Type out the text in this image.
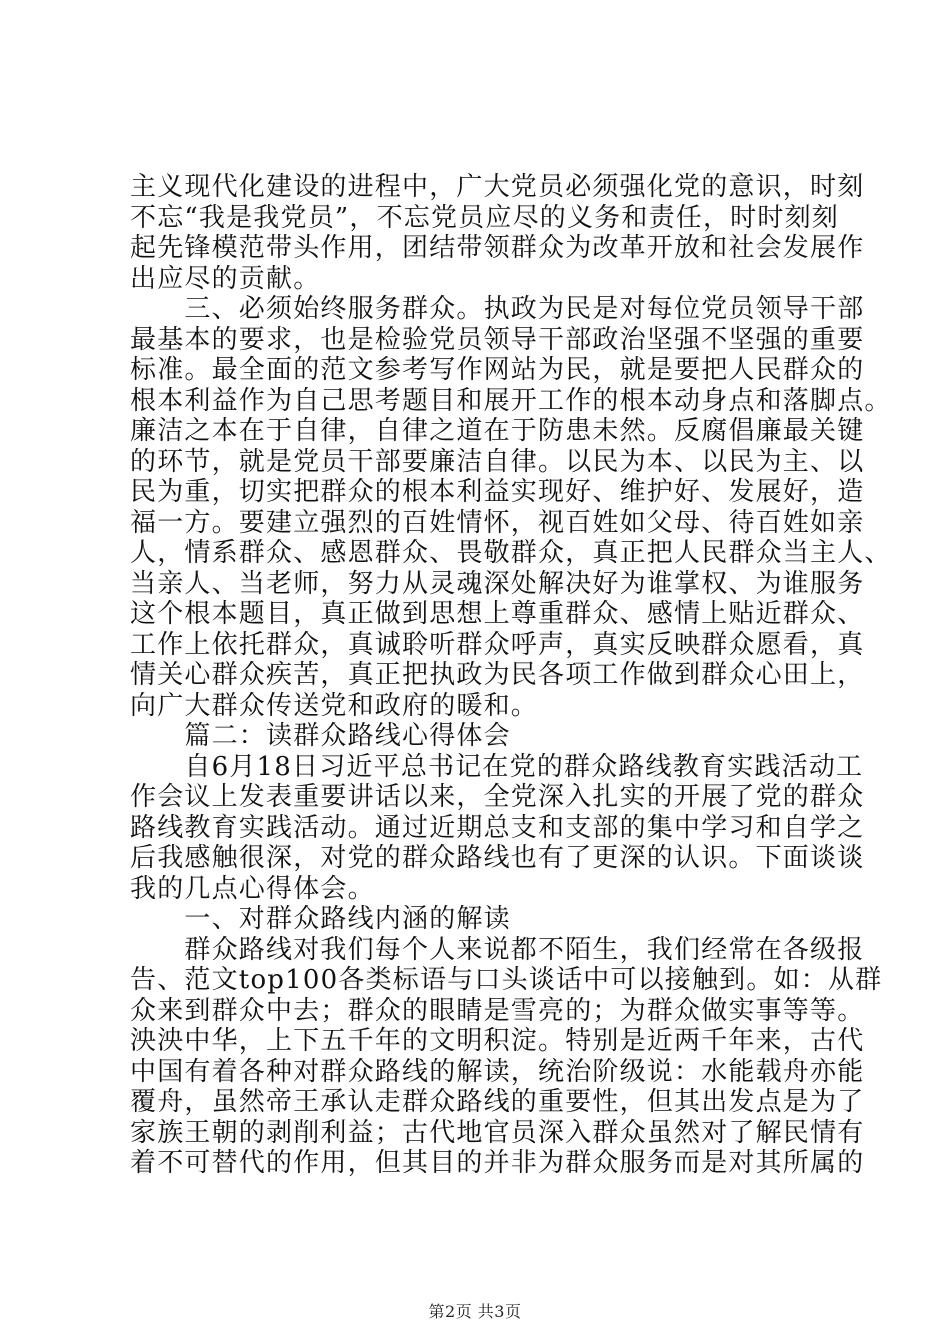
主义现代化建设的进程中，广大党员必须强化党的意识，时刻
不忘“我是我党员”，不忘党员应尽的义务和责任，时时刻刻
起先锋模范带头作用，团结带领群众为改革开放和社会发展作
出应尽的贡献。
　　三、必须始终服务群众。执政为民是对每位党员领导干部
最基本的要求，也是检验党员领导干部政治坚强不坚强的重要
标准。最全面的范文参考写作网站为民，就是要把人民群众的
根本利益作为自己思考题目和展开工作的根本动身点和落脚点。
廉洁之本在于自律，自律之道在于防患未然。反腐倡廉最关键
的环节，就是党员干部要廉洁自律。以民为本、以民为主、以
民为重，切实把群众的根本利益实现好、维护好、发展好，造
福一方。要建立强烈的百姓情怀，视百姓如父母、待百姓如亲
人，情系群众、感恩群众、畏敬群众，真正把人民群众当主人、
当亲人、当老师，努力从灵魂深处解决好为谁掌权、为谁服务
这个根本题目，真正做到思想上尊重群众、感情上贴近群众、
工作上依托群众，真诚聆听群众呼声，真实反映群众愿看，真
情关心群众疾苦，真正把执政为民各项工作做到群众心田上，
向广大群众传送党和政府的暖和。
　　篇二：读群众路线心得体会
　　自6月18日习近平总书记在党的群众路线教育实践活动工
作会议上发表重要讲话以来，全党深入扎实的开展了党的群众
路线教育实践活动。通过近期总支和支部的集中学习和自学之
后我感触很深，对党的群众路线也有了更深的认识。下面谈谈
我的几点心得体会。
　　一、对群众路线内涵的解读
　　群众路线对我们每个人来说都不陌生，我们经常在各级报
告、范文top100各类标语与口头谈话中可以接触到。如：从群
众来到群众中去；群众的眼睛是雪亮的；为群众做实事等等。
泱泱中华，上下五千年的文明积淀。特别是近两千年来，古代
中国有着各种对群众路线的解读，统治阶级说：水能载舟亦能
覆舟，虽然帝王承认走群众路线的重要性，但其出发点是为了
家族王朝的剥削利益；古代地官员深入群众虽然对了解民情有
着不可替代的作用，但其目的并非为群众服务而是对其所属的
第2页 共3页
